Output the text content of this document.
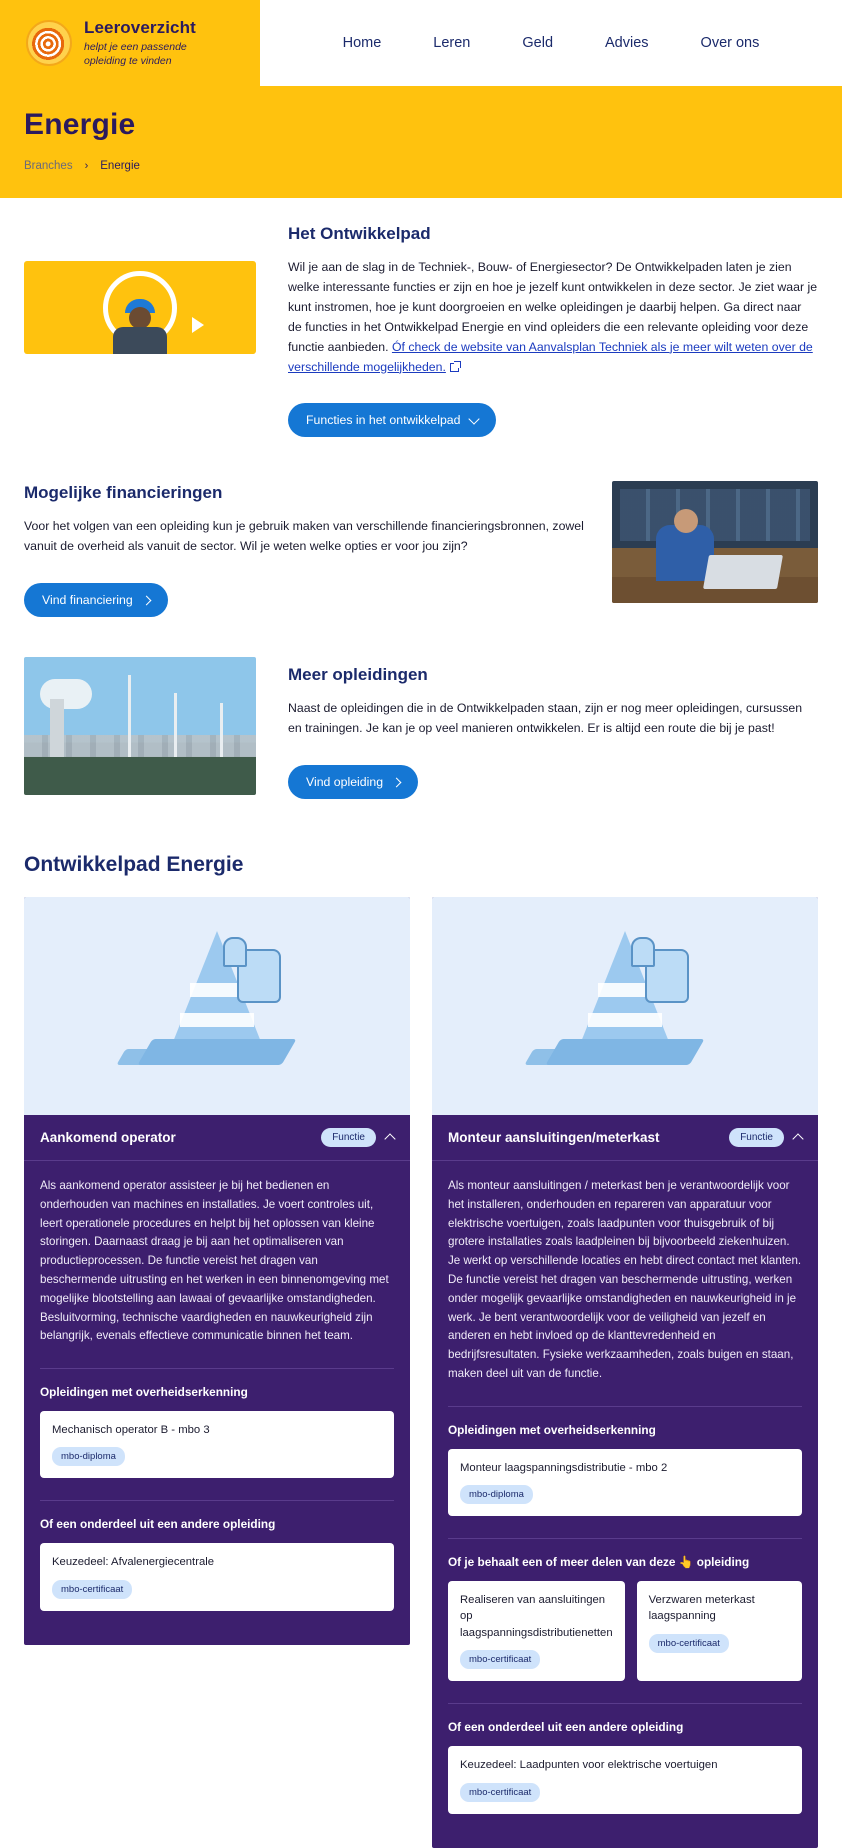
Leeroverzicht
helpt je een passende
opleiding te vinden
Home	Leren	Geld	Advies	Over ons
Energie
Branches › Energie
Het Ontwikkelpad

Wil je aan de slag in de Techniek-, Bouw- of Energiesector? De Ontwikkelpaden laten je zien welke interessante functies er zijn en hoe je jezelf kunt ontwikkelen in deze sector. Je ziet waar je kunt instromen, hoe je kunt doorgroeien en welke opleidingen je daarbij helpen. Ga direct naar de functies in het Ontwikkelpad Energie en vind opleiders die een relevante opleiding voor deze functie aanbieden. Óf check de website van Aanvalsplan Techniek als je meer wilt weten over de verschillende mogelijkheden.

Functies in het ontwikkelpad
Mogelijke financieringen

Voor het volgen van een opleiding kun je gebruik maken van verschillende financieringsbronnen, zowel vanuit de overheid als vanuit de sector. Wil je weten welke opties er voor jou zijn?

Vind financiering
Meer opleidingen

Naast de opleidingen die in de Ontwikkelpaden staan, zijn er nog meer opleidingen, cursussen en trainingen. Je kan je op veel manieren ontwikkelen. Er is altijd een route die bij je past!

Vind opleiding
Ontwikkelpad Energie
Aankomend operator	Functie

Als aankomend operator assisteer je bij het bedienen en onderhouden van machines en installaties. Je voert controles uit, leert operationele procedures en helpt bij het oplossen van kleine storingen. Daarnaast draag je bij aan het optimaliseren van productieprocessen. De functie vereist het dragen van beschermende uitrusting en het werken in een binnenomgeving met mogelijke blootstelling aan lawaai of gevaarlijke omstandigheden. Besluitvorming, technische vaardigheden en nauwkeurigheid zijn belangrijk, evenals effectieve communicatie binnen het team.

Opleidingen met overheidserkenning
Mechanisch operator B - mbo 3
mbo-diploma
Of een onderdeel uit een andere opleiding
Keuzedeel: Afvalenergiecentrale
mbo-certificaat
Monteur aansluitingen/meterkast	Functie

Als monteur aansluitingen / meterkast ben je verantwoordelijk voor het installeren, onderhouden en repareren van apparatuur voor elektrische voertuigen, zoals laadpunten voor thuisgebruik of bij grotere installaties zoals laadpleinen bij bijvoorbeeld ziekenhuizen. Je werkt op verschillende locaties en hebt direct contact met klanten. De functie vereist het dragen van beschermende uitrusting, werken onder mogelijk gevaarlijke omstandigheden en nauwkeurigheid in je werk. Je bent verantwoordelijk voor de veiligheid van jezelf en anderen en hebt invloed op de klanttevredenheid en bedrijfsresultaten. Fysieke werkzaamheden, zoals buigen en staan, maken deel uit van de functie.

Opleidingen met overheidserkenning
Monteur laagspanningsdistributie - mbo 2
mbo-diploma
Of je behaalt een of meer delen van deze 👆 opleiding
Realiseren van aansluitingen op laagspanningsdistributienetten
mbo-certificaat
Verzwaren meterkast laagspanning
mbo-certificaat
Of een onderdeel uit een andere opleiding
Keuzedeel: Laadpunten voor elektrische voertuigen
mbo-certificaat
